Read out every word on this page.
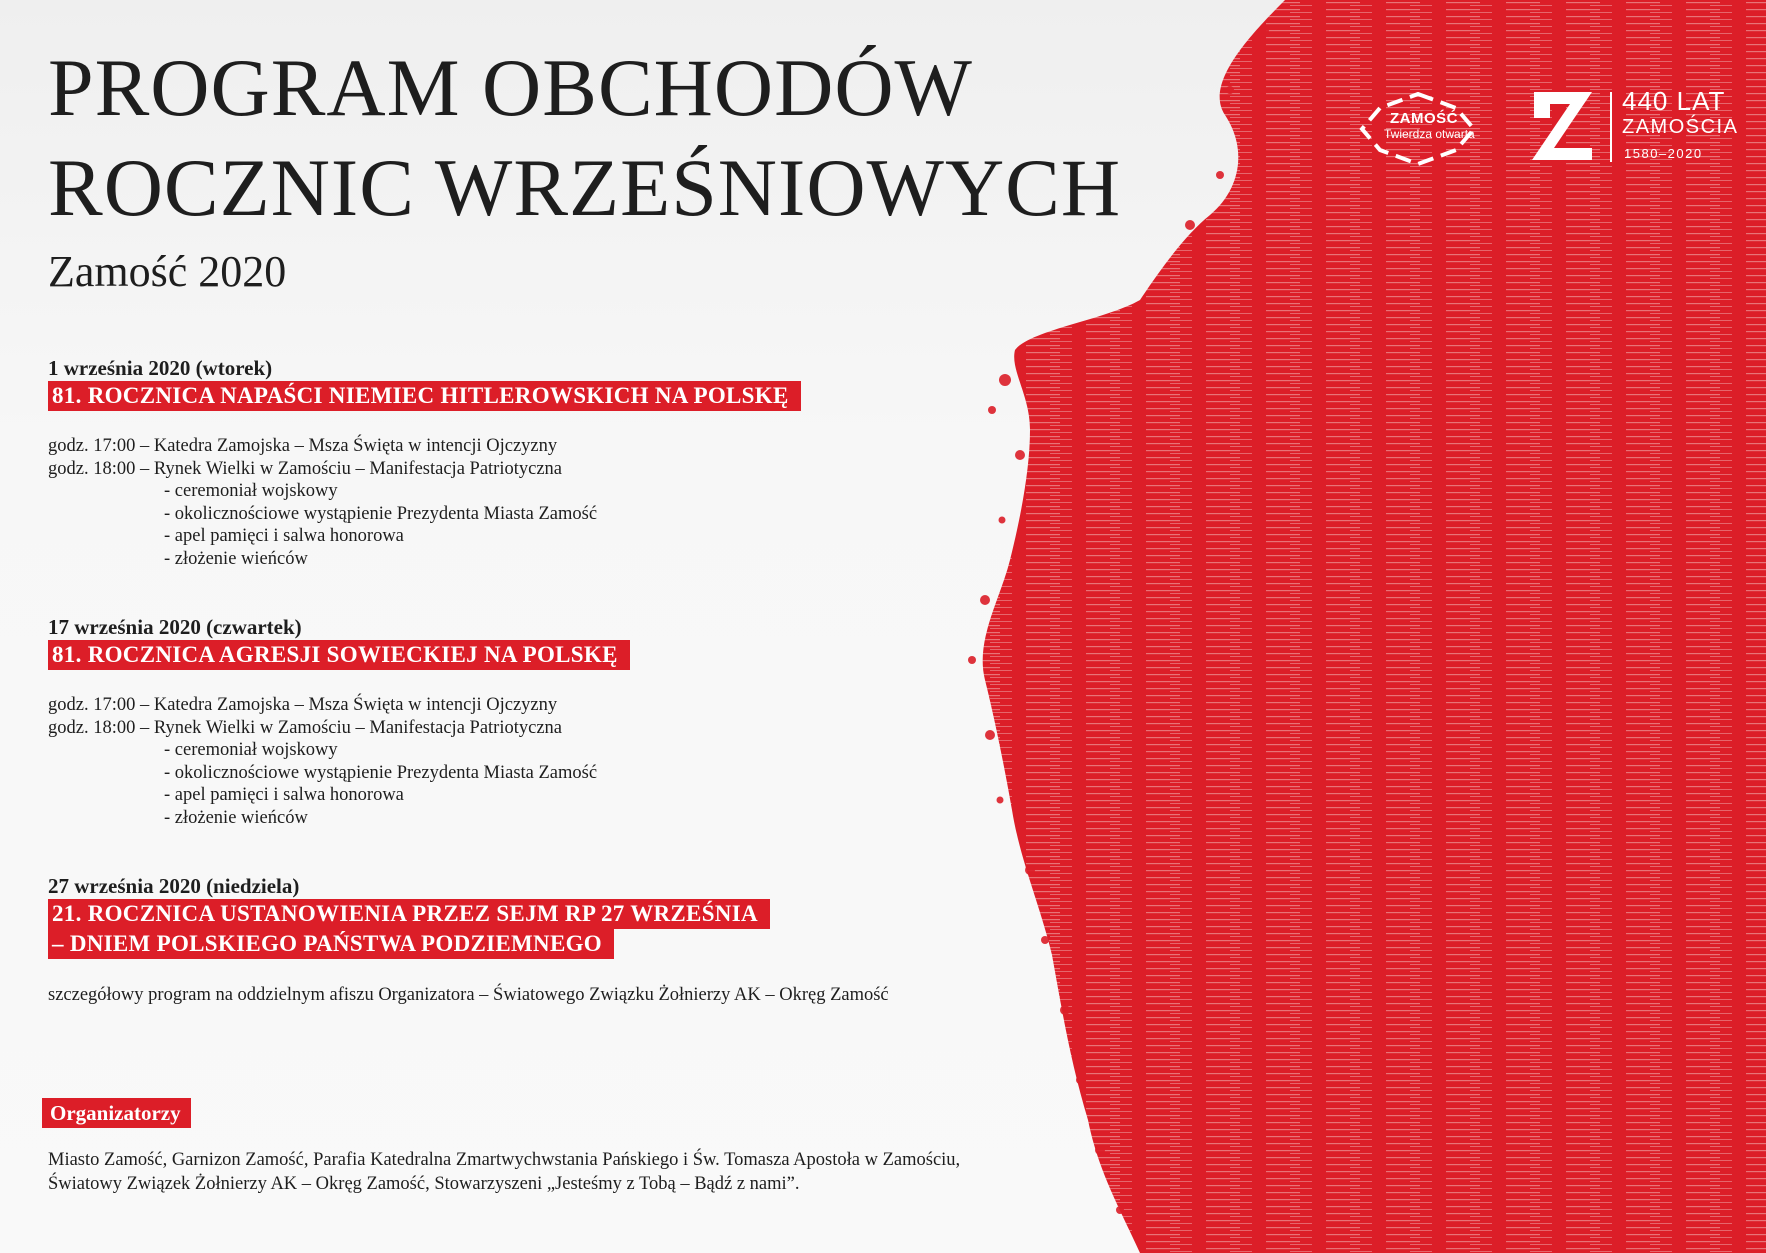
PROGRAM OBCHODÓW
ROCZNIC WRZEŚNIOWYCH
Zamość 2020
ZAMOŚĆ
Twierdza otwarta
440 LAT
ZAMOŚCIA
1580–2020
1 września 2020 (wtorek)
81. ROCZNICA NAPAŚCI NIEMIEC HITLEROWSKICH NA POLSKĘ
godz. 17:00 – Katedra Zamojska – Msza Święta w intencji Ojczyzny
godz. 18:00 – Rynek Wielki w Zamościu – Manifestacja Patriotyczna
- ceremoniał wojskowy
- okolicznościowe wystąpienie Prezydenta Miasta Zamość
- apel pamięci i salwa honorowa
- złożenie wieńców
17 września 2020 (czwartek)
81. ROCZNICA AGRESJI SOWIECKIEJ NA POLSKĘ
godz. 17:00 – Katedra Zamojska – Msza Święta w intencji Ojczyzny
godz. 18:00 – Rynek Wielki w Zamościu – Manifestacja Patriotyczna
- ceremoniał wojskowy
- okolicznościowe wystąpienie Prezydenta Miasta Zamość
- apel pamięci i salwa honorowa
- złożenie wieńców
27 września 2020 (niedziela)
21. ROCZNICA USTANOWIENIA PRZEZ SEJM RP 27 WRZEŚNIA
– DNIEM POLSKIEGO PAŃSTWA PODZIEMNEGO
szczegółowy program na oddzielnym afiszu Organizatora – Światowego Związku Żołnierzy AK – Okręg Zamość
Organizatorzy
Miasto Zamość, Garnizon Zamość, Parafia Katedralna Zmartwychwstania Pańskiego i Św. Tomasza Apostoła w Zamościu,
Światowy Związek Żołnierzy AK – Okręg Zamość, Stowarzyszeni „Jesteśmy z Tobą – Bądź z nami”.
